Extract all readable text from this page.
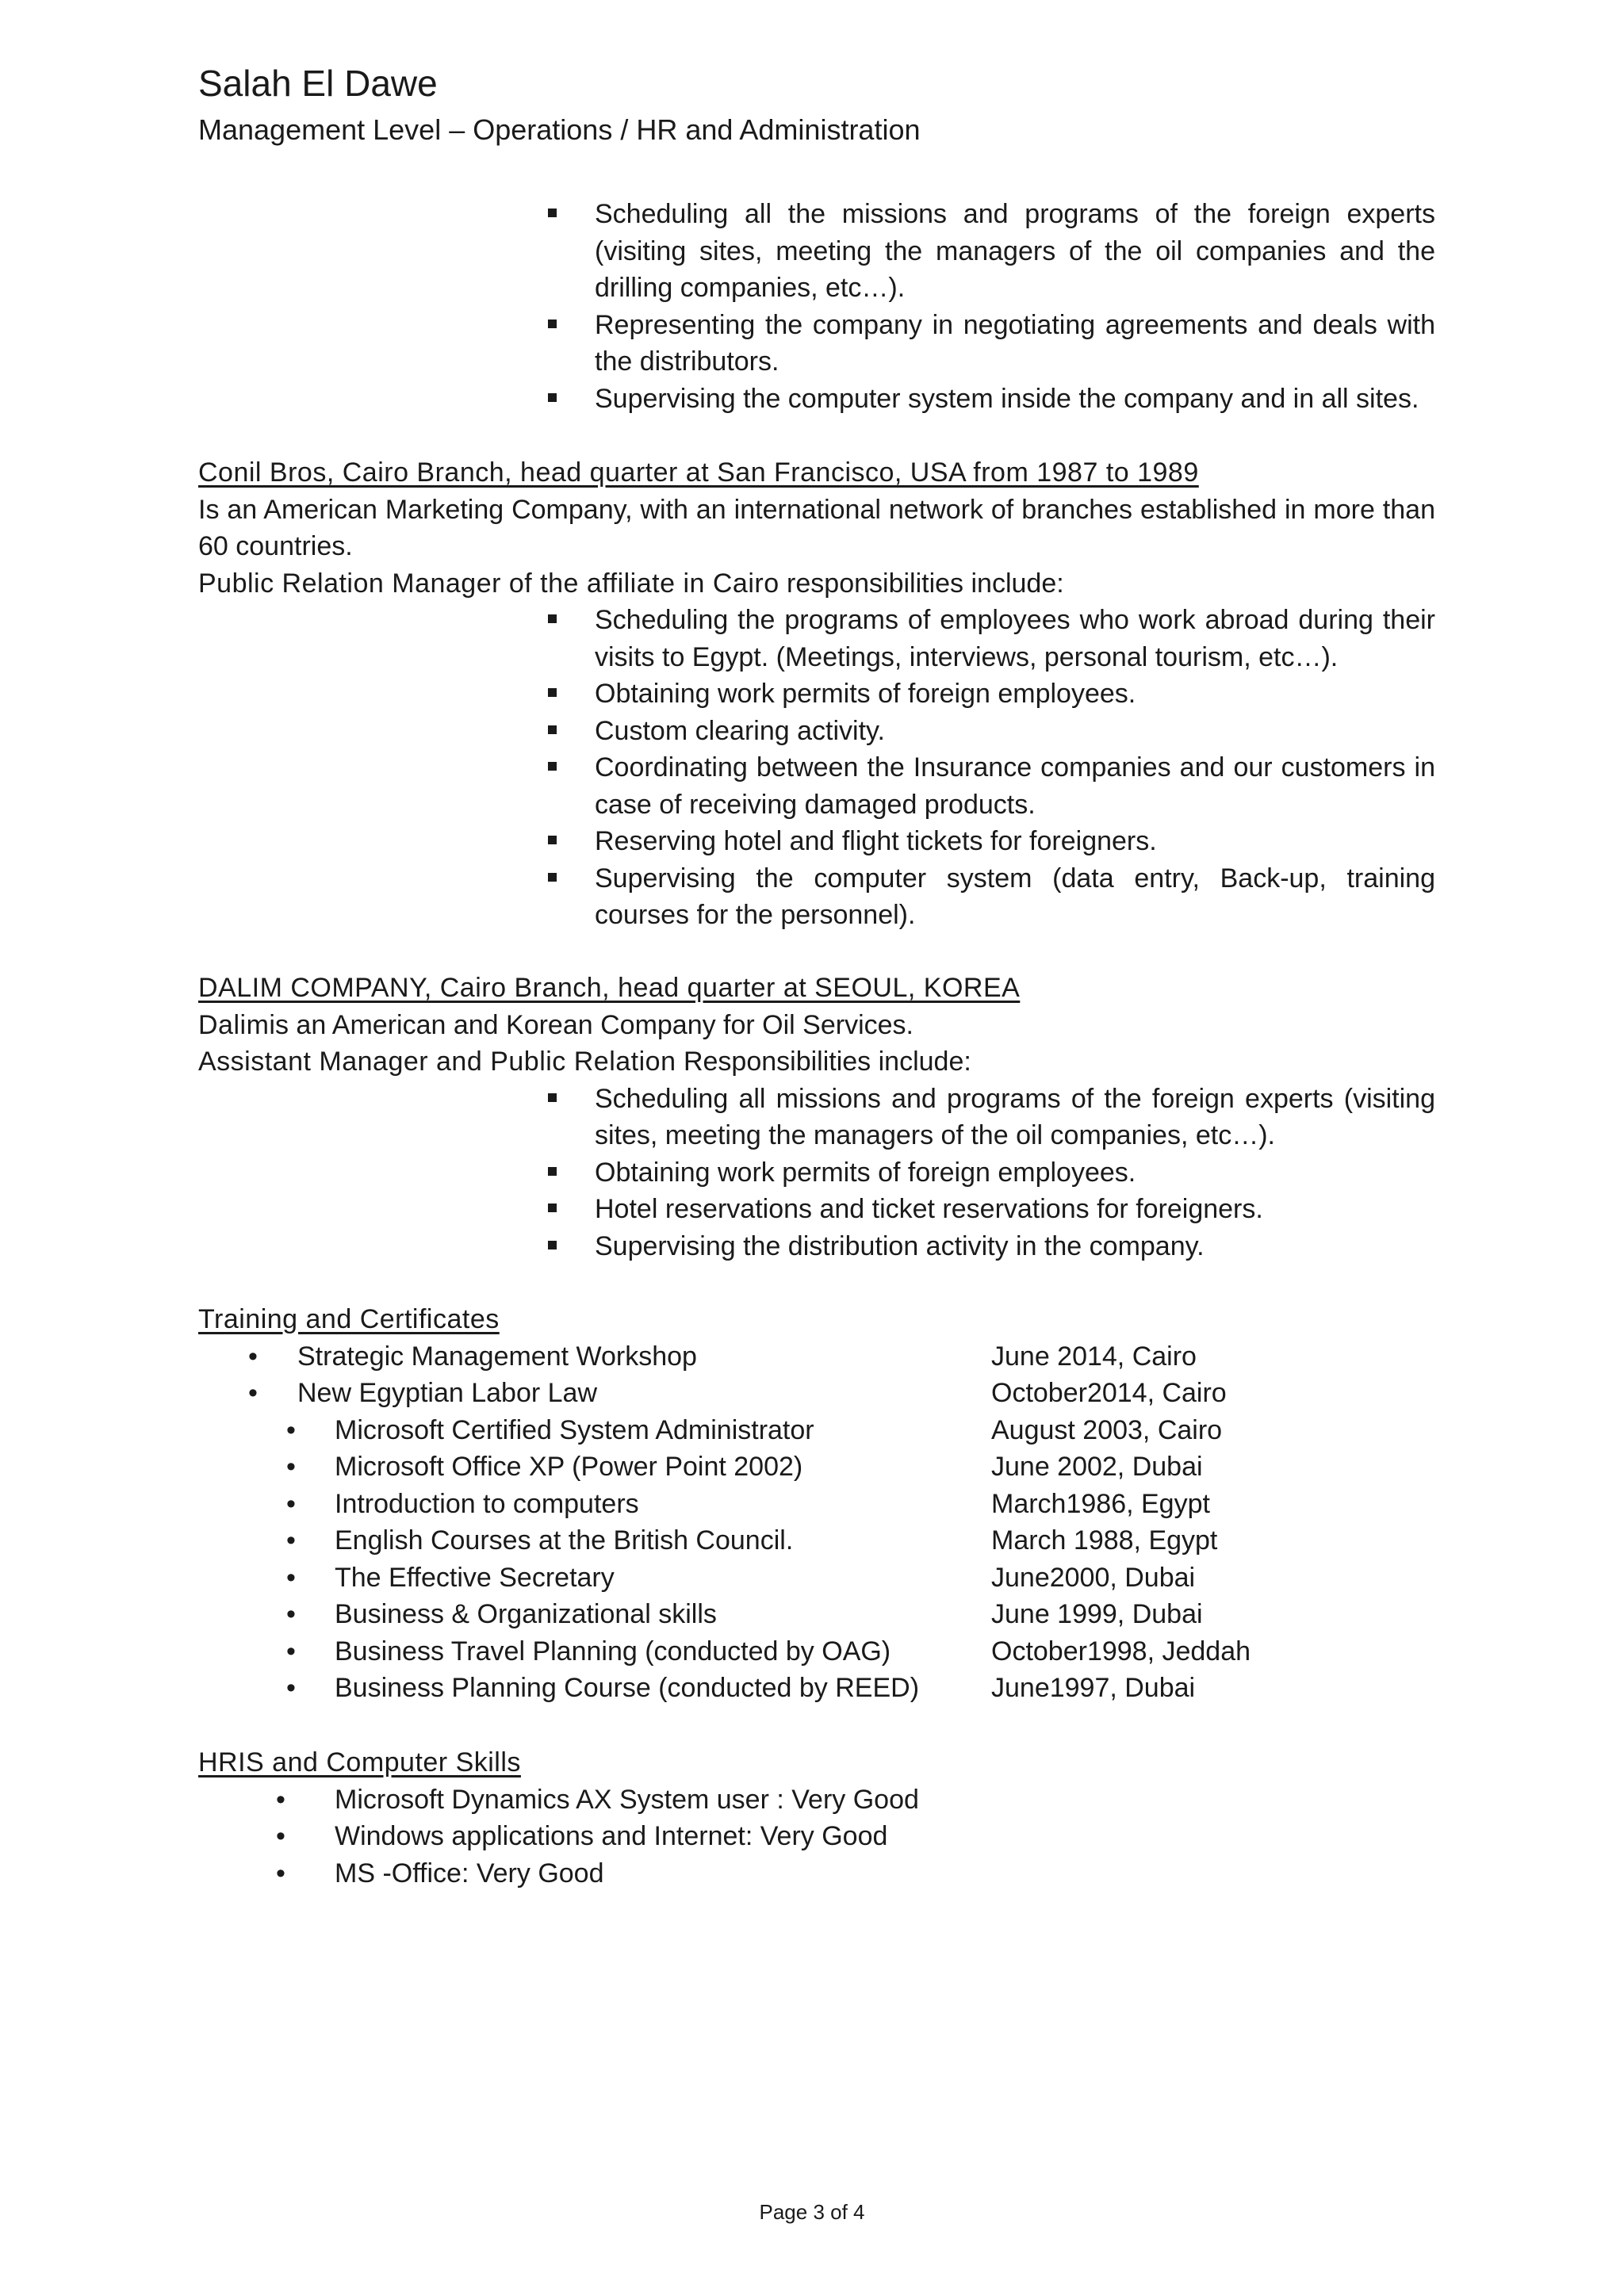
Salah El Dawe
Management Level – Operations / HR and Administration
Scheduling all the missions and programs of the foreign experts (visiting sites, meeting the managers of the oil companies and the drilling companies, etc…).
Representing the company in negotiating agreements and deals with the distributors.
Supervising the computer system inside the company and in all sites.
Conil Bros, Cairo Branch, head quarter at San Francisco, USA from 1987 to 1989
Is an American Marketing Company, with an international network of branches established in more than 60 countries.
Public Relation Manager of the affiliate in Cairo responsibilities include:
Scheduling the programs of employees who work abroad during their visits to Egypt. (Meetings, interviews, personal tourism, etc…).
Obtaining work permits of foreign employees.
Custom clearing activity.
Coordinating between the Insurance companies and our customers in case of receiving damaged products.
Reserving hotel and flight tickets for foreigners.
Supervising the computer system (data entry, Back-up, training courses for the personnel).
DALIM COMPANY, Cairo Branch, head quarter at SEOUL, KOREA
Dalimis an American and Korean Company for Oil Services.
Assistant Manager and Public Relation Responsibilities include:
Scheduling all missions and programs of the foreign experts (visiting sites, meeting the managers of the oil companies, etc…).
Obtaining work permits of foreign employees.
Hotel reservations and ticket reservations for foreigners.
Supervising the distribution activity in the company.
Training and Certificates
• Strategic Management Workshop	June 2014, Cairo
• New Egyptian Labor Law	October2014, Cairo
• Microsoft Certified System Administrator	August 2003, Cairo
• Microsoft Office XP (Power Point 2002)	June 2002, Dubai
• Introduction to computers	March1986, Egypt
• English Courses at the British Council.	March 1988, Egypt
• The Effective Secretary	June2000, Dubai
• Business & Organizational skills	June 1999, Dubai
• Business Travel Planning (conducted by OAG)	October1998, Jeddah
• Business Planning Course (conducted by REED)	June1997, Dubai
HRIS and Computer Skills
• Microsoft Dynamics AX System user : Very Good
• Windows applications and Internet: Very Good
• MS -Office: Very Good
Page 3 of 4
